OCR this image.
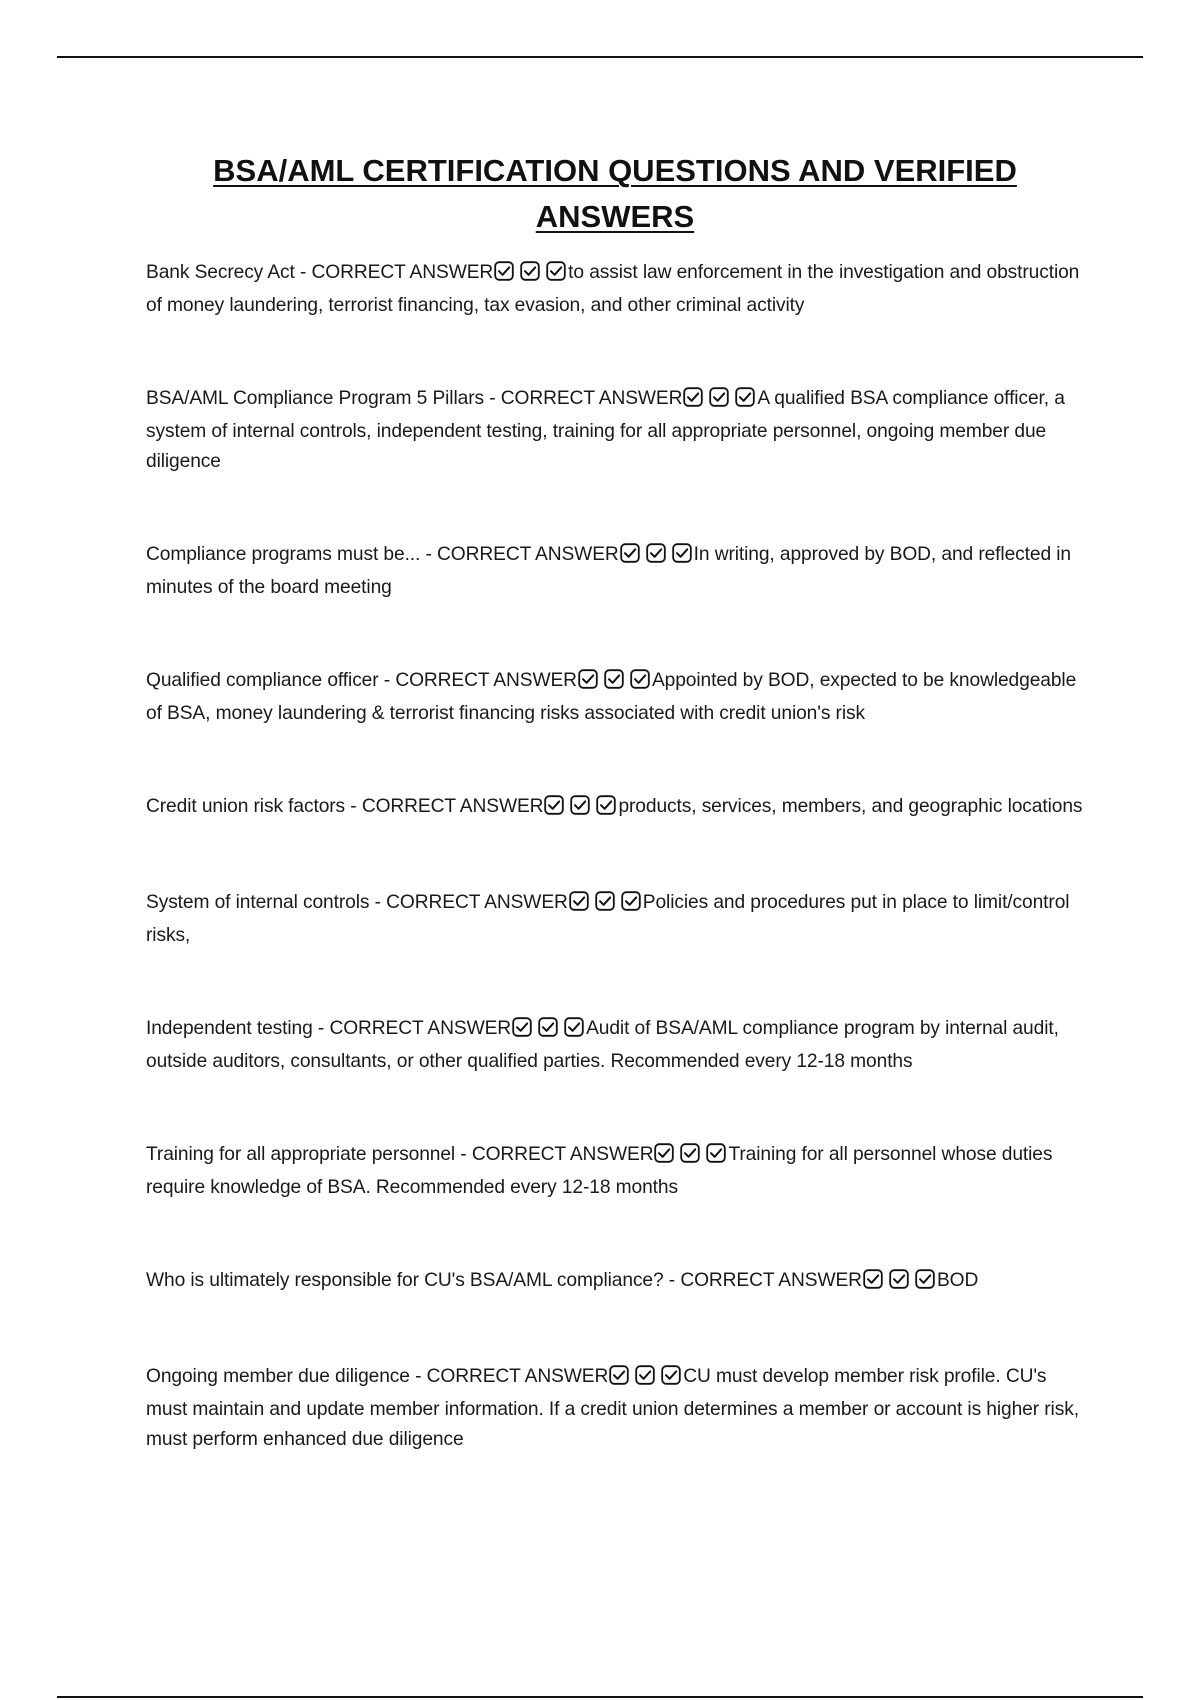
BSA/AML CERTIFICATION QUESTIONS AND VERIFIED ANSWERS
Bank Secrecy Act - CORRECT ANSWER	to assist law enforcement in the investigation and obstruction of money laundering, terrorist financing, tax evasion, and other criminal activity
BSA/AML Compliance Program 5 Pillars - CORRECT ANSWER	A qualified BSA compliance officer, a system of internal controls, independent testing, training for all appropriate personnel, ongoing member due diligence
Compliance programs must be... - CORRECT ANSWER	In writing, approved by BOD, and reflected in minutes of the board meeting
Qualified compliance officer - CORRECT ANSWER	Appointed by BOD, expected to be knowledgeable of BSA, money laundering & terrorist financing risks associated with credit union's risk
Credit union risk factors - CORRECT ANSWER	products, services, members, and geographic locations
System of internal controls - CORRECT ANSWER	Policies and procedures put in place to limit/control risks,
Independent testing - CORRECT ANSWER	Audit of BSA/AML compliance program by internal audit, outside auditors, consultants, or other qualified parties. Recommended every 12-18 months
Training for all appropriate personnel - CORRECT ANSWER	Training for all personnel whose duties require knowledge of BSA. Recommended every 12-18 months
Who is ultimately responsible for CU's BSA/AML compliance? - CORRECT ANSWER	BOD
Ongoing member due diligence - CORRECT ANSWER	CU must develop member risk profile. CU's must maintain and update member information. If a credit union determines a member or account is higher risk, must perform enhanced due diligence
